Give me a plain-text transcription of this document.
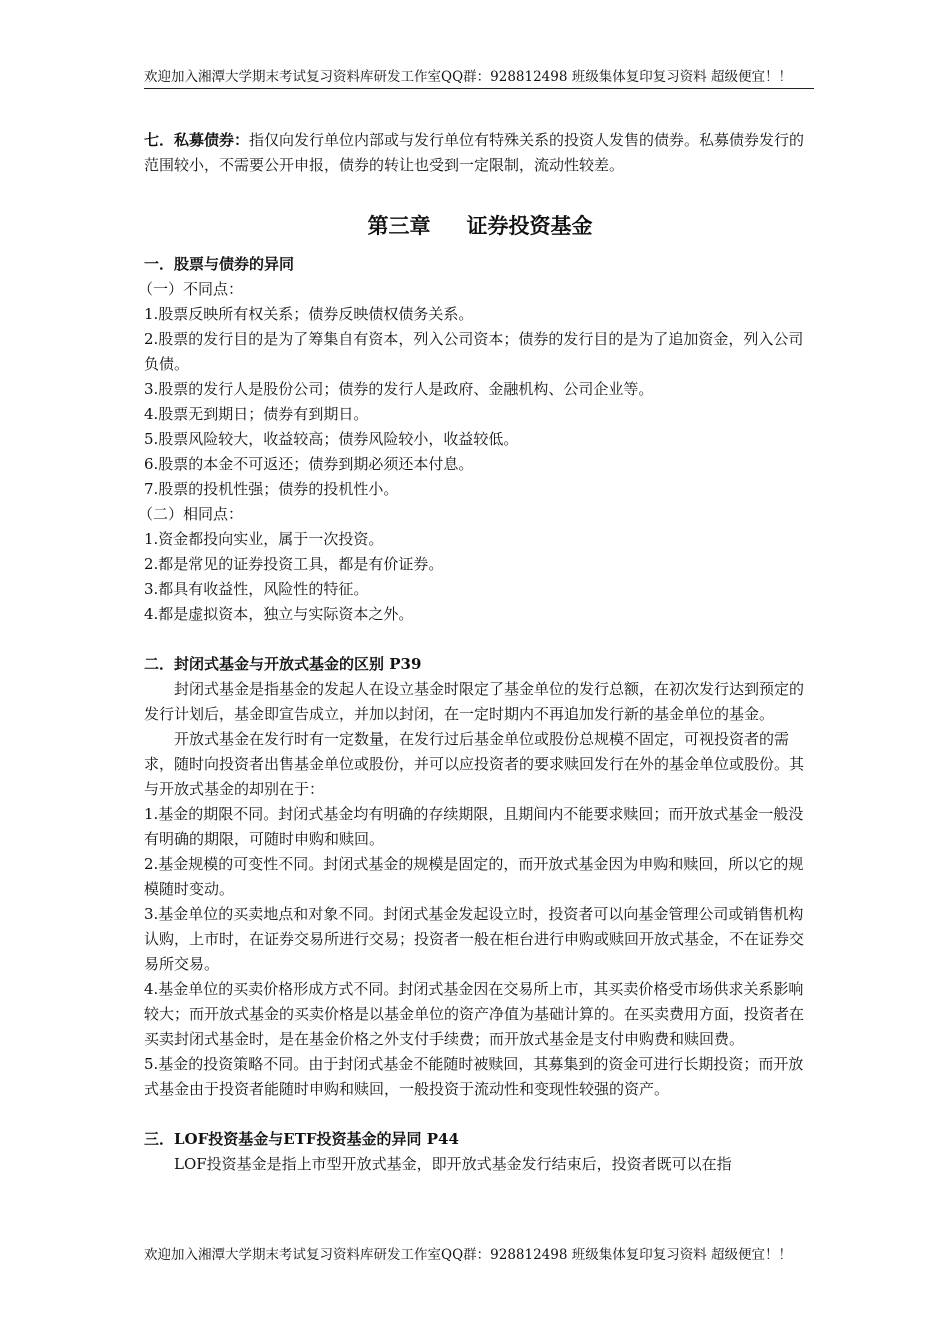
欢迎加入湘潭大学期末考试复习资料库研发工作室QQ群：928812498 班级集体复印复习资料 超级便宜！！

七．私募债券：指仅向发行单位内部或与发行单位有特殊关系的投资人发售的债券。私募债券发行的范围较小，不需要公开申报，债券的转让也受到一定限制，流动性较差。

第三章 证券投资基金

一．股票与债券的异同

（一）不同点：

1.股票反映所有权关系；债券反映债权债务关系。

2.股票的发行目的是为了筹集自有资本，列入公司资本；债券的发行目的是为了追加资金，列入公司负债。

3.股票的发行人是股份公司；债券的发行人是政府、金融机构、公司企业等。

4.股票无到期日；债券有到期日。

5.股票风险较大，收益较高；债券风险较小，收益较低。

6.股票的本金不可返还；债券到期必须还本付息。

7.股票的投机性强；债券的投机性小。

（二）相同点：

1.资金都投向实业，属于一次投资。

2.都是常见的证券投资工具，都是有价证券。

3.都具有收益性，风险性的特征。

4.都是虚拟资本，独立与实际资本之外。

二．封闭式基金与开放式基金的区别 P39

封闭式基金是指基金的发起人在设立基金时限定了基金单位的发行总额，在初次发行达到预定的发行计划后，基金即宣告成立，并加以封闭，在一定时期内不再追加发行新的基金单位的基金。

开放式基金在发行时有一定数量，在发行过后基金单位或股份总规模不固定，可视投资者的需求，随时向投资者出售基金单位或股份，并可以应投资者的要求赎回发行在外的基金单位或股份。其与开放式基金的却别在于：

1.基金的期限不同。封闭式基金均有明确的存续期限，且期间内不能要求赎回；而开放式基金一般没有明确的期限，可随时申购和赎回。

2.基金规模的可变性不同。封闭式基金的规模是固定的，而开放式基金因为申购和赎回，所以它的规模随时变动。

3.基金单位的买卖地点和对象不同。封闭式基金发起设立时，投资者可以向基金管理公司或销售机构认购，上市时，在证券交易所进行交易；投资者一般在柜台进行申购或赎回开放式基金，不在证券交易所交易。

4.基金单位的买卖价格形成方式不同。封闭式基金因在交易所上市，其买卖价格受市场供求关系影响较大；而开放式基金的买卖价格是以基金单位的资产净值为基础计算的。在买卖费用方面，投资者在买卖封闭式基金时，是在基金价格之外支付手续费；而开放式基金是支付申购费和赎回费。

5.基金的投资策略不同。由于封闭式基金不能随时被赎回，其募集到的资金可进行长期投资；而开放式基金由于投资者能随时申购和赎回，一般投资于流动性和变现性较强的资产。

三．LOF投资基金与ETF投资基金的异同 P44

LOF投资基金是指上市型开放式基金，即开放式基金发行结束后，投资者既可以在指

欢迎加入湘潭大学期末考试复习资料库研发工作室QQ群：928812498 班级集体复印复习资料 超级便宜！！
